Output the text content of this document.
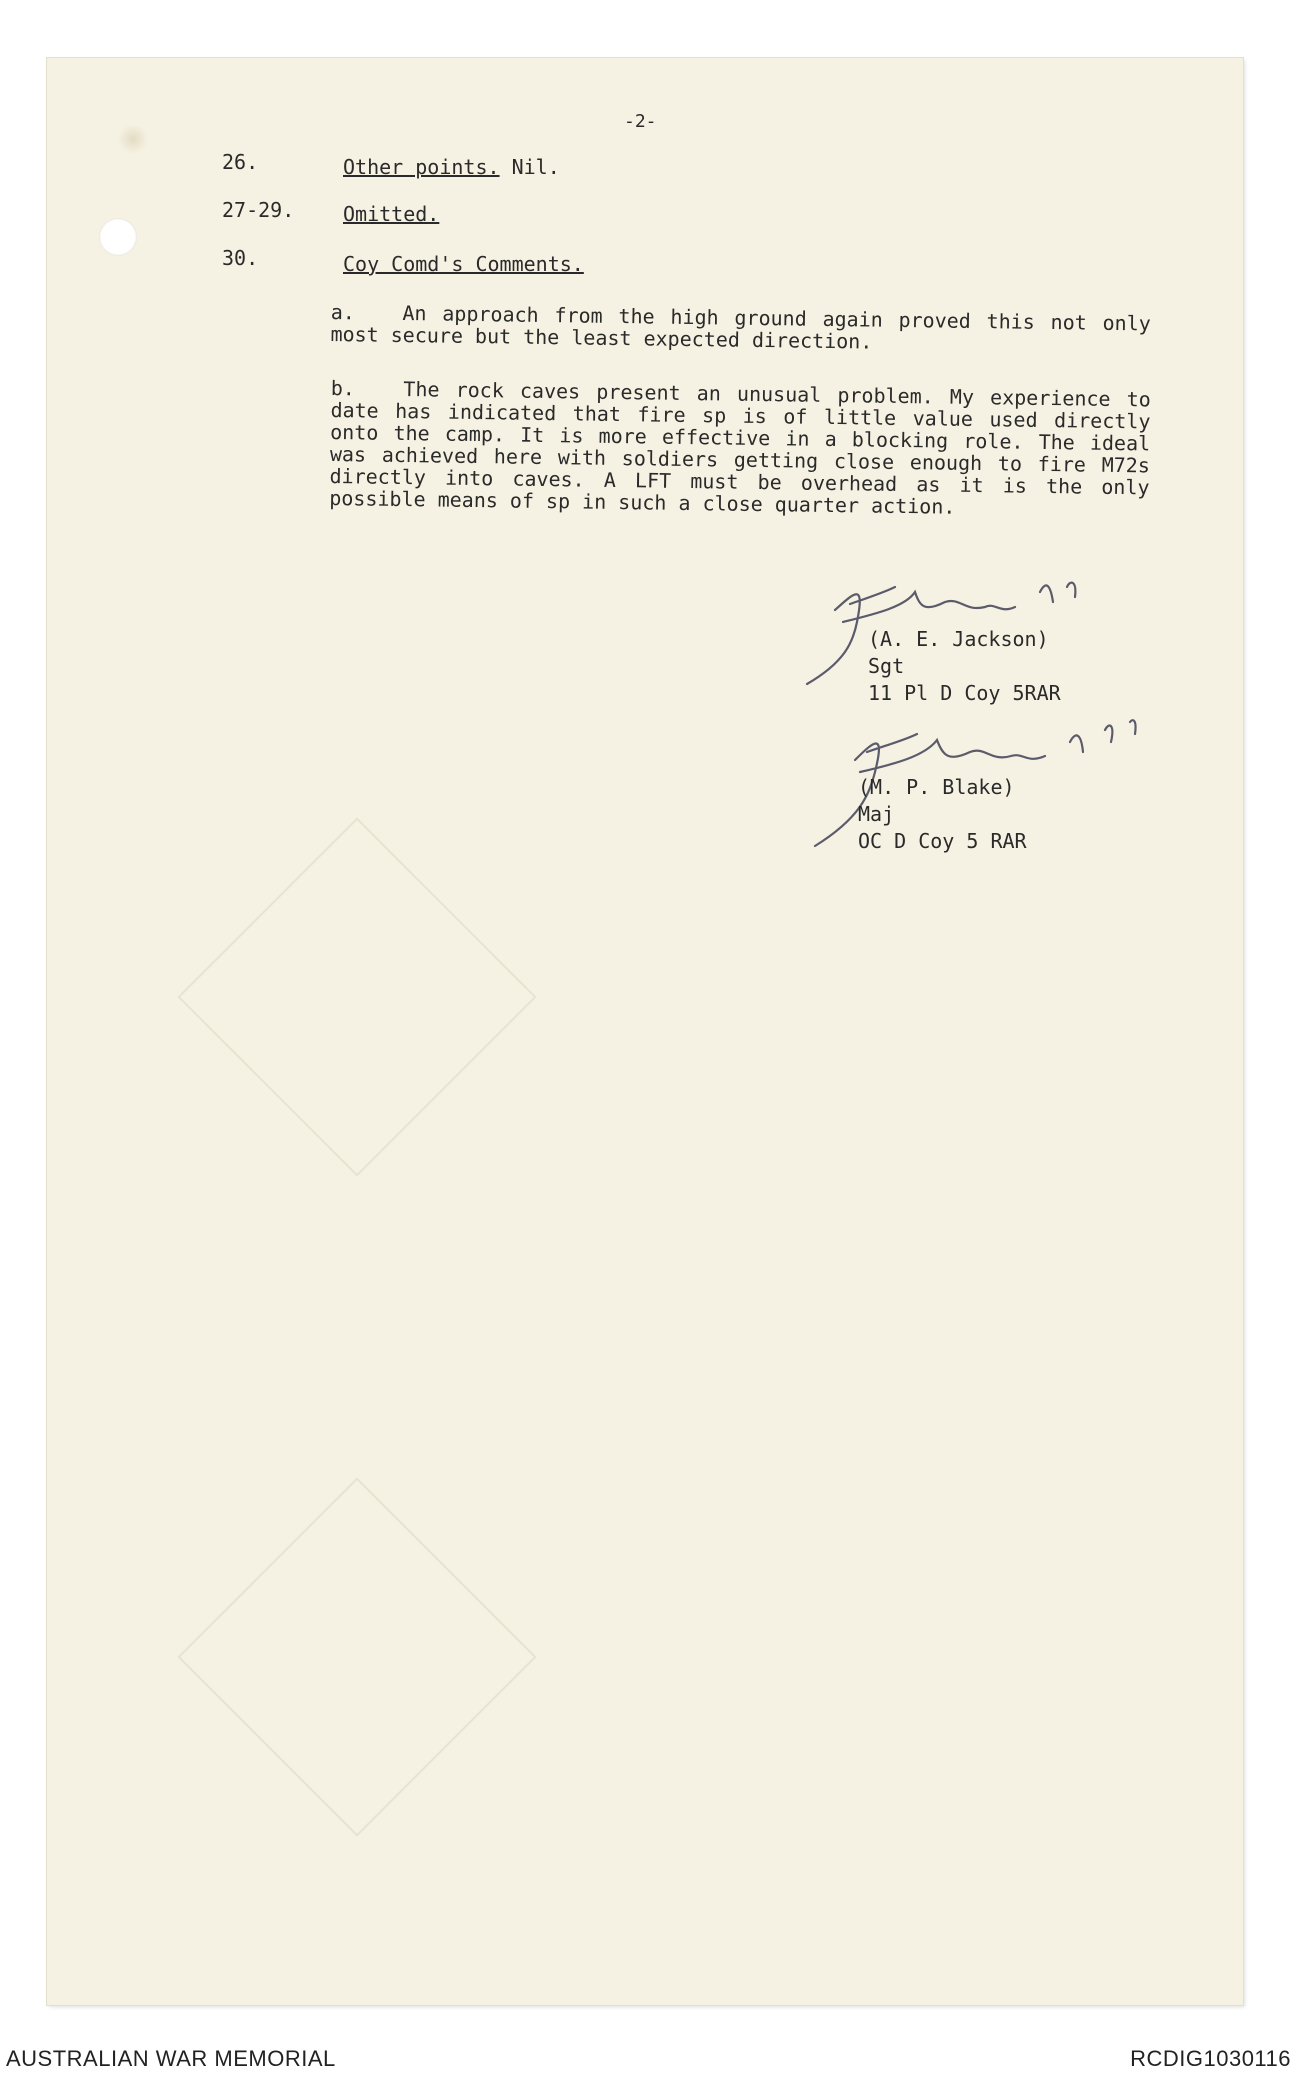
-2-
26.	Other points. Nil.
27-29. Omitted.
30.	Coy Comd's Comments.
a. An approach from the high ground again proved this not only most secure but the least expected direction.
b. The rock caves present an unusual problem. My experience to date has indicated that fire sp is of little value used directly onto the camp. It is more effective in a blocking role. The ideal was achieved here with soldiers getting close enough to fire M72s directly into caves. A LFT must be overhead as it is the only possible means of sp in such a close quarter action.
(A. E. Jackson)
Sgt
11 Pl D Coy 5RAR
(M. P. Blake)
Maj
OC D Coy 5 RAR
AUSTRALIAN WAR MEMORIAL	RCDIG1030116
